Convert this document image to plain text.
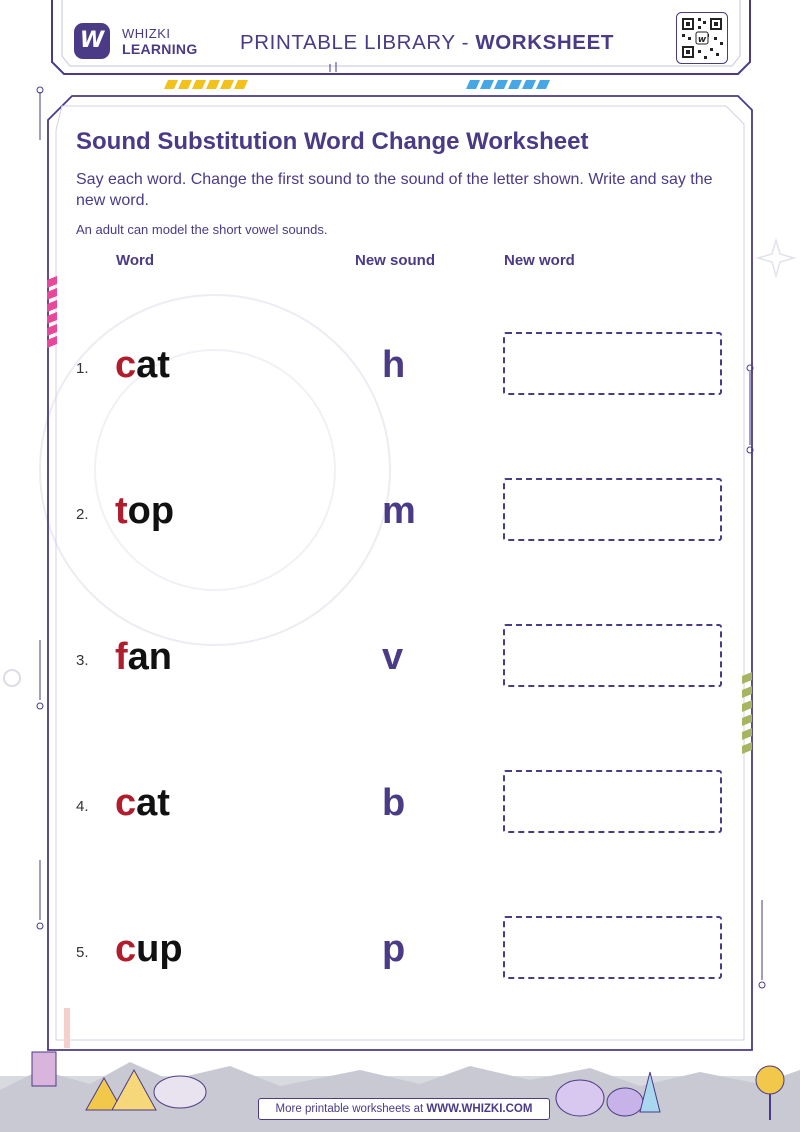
W	WHIZKI
LEARNING PRINTABLE LIBRARY - WORKSHEET	w
Sound Substitution Word Change Worksheet
Say each word. Change the first sound to the sound of the letter shown. Write and say the new word.
An adult can model the short vowel sounds.
Word	New sound	New word
1. cat	h
2. top	m
3. fan	v
4. cat	b
5. cup	p
More printable worksheets at WWW.WHIZKI.COM
